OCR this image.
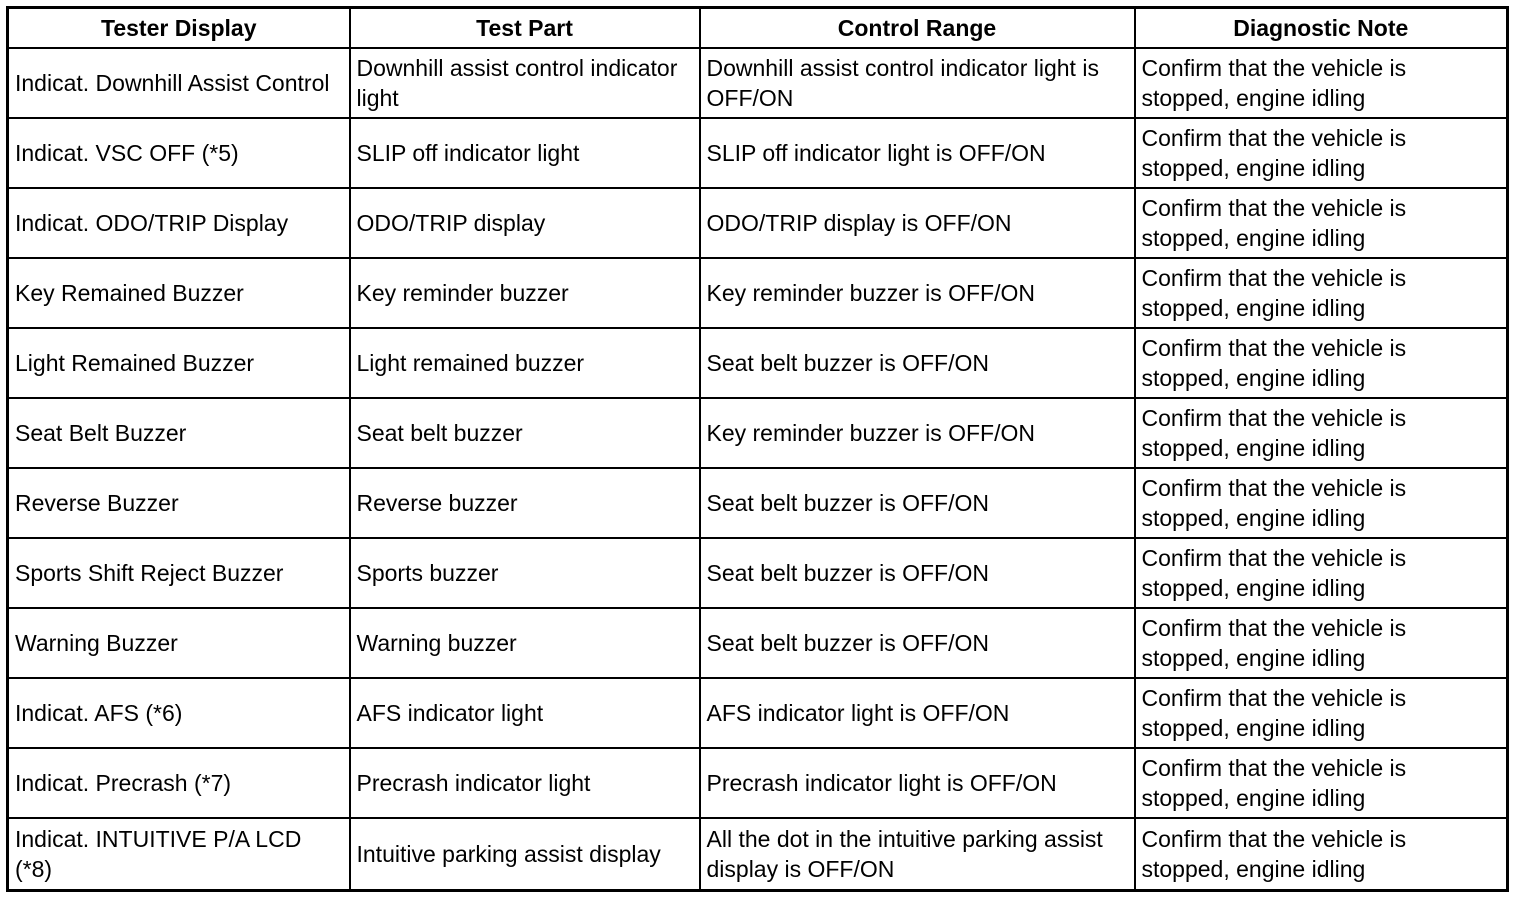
Tester Display	Test Part	Control Range	Diagnostic Note
Indicat. Downhill Assist Control	Downhill assist control indicator light	Downhill assist control indicator light is OFF/ON	Confirm that the vehicle is stopped, engine idling
Indicat. VSC OFF (*5)	SLIP off indicator light	SLIP off indicator light is OFF/ON	Confirm that the vehicle is stopped, engine idling
Indicat. ODO/TRIP Display	ODO/TRIP display	ODO/TRIP display is OFF/ON	Confirm that the vehicle is stopped, engine idling
Key Remained Buzzer	Key reminder buzzer	Key reminder buzzer is OFF/ON	Confirm that the vehicle is stopped, engine idling
Light Remained Buzzer	Light remained buzzer	Seat belt buzzer is OFF/ON	Confirm that the vehicle is stopped, engine idling
Seat Belt Buzzer	Seat belt buzzer	Key reminder buzzer is OFF/ON	Confirm that the vehicle is stopped, engine idling
Reverse Buzzer	Reverse buzzer	Seat belt buzzer is OFF/ON	Confirm that the vehicle is stopped, engine idling
Sports Shift Reject Buzzer	Sports buzzer	Seat belt buzzer is OFF/ON	Confirm that the vehicle is stopped, engine idling
Warning Buzzer	Warning buzzer	Seat belt buzzer is OFF/ON	Confirm that the vehicle is stopped, engine idling
Indicat. AFS (*6)	AFS indicator light	AFS indicator light is OFF/ON	Confirm that the vehicle is stopped, engine idling
Indicat. Precrash (*7)	Precrash indicator light	Precrash indicator light is OFF/ON	Confirm that the vehicle is stopped, engine idling
Indicat. INTUITIVE P/A LCD (*8)	Intuitive parking assist display	All the dot in the intuitive parking assist display is OFF/ON	Confirm that the vehicle is stopped, engine idling
